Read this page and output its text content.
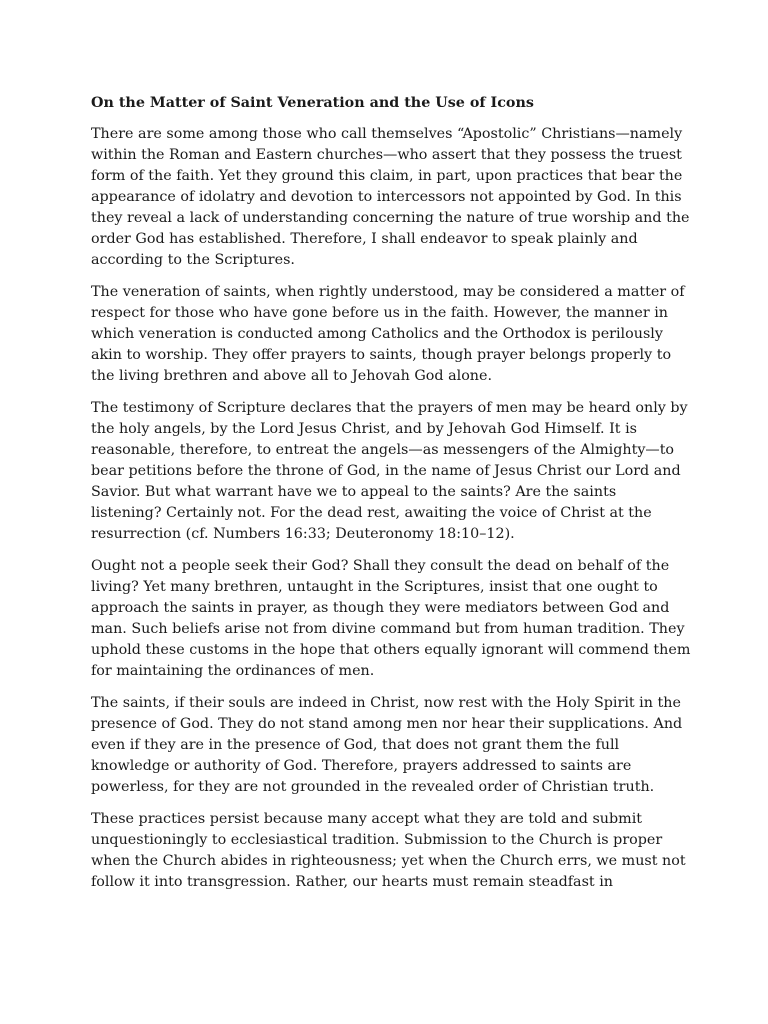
On the Matter of Saint Veneration and the Use of Icons

There are some among those who call themselves “Apostolic” Christians—namely within the Roman and Eastern churches—who assert that they possess the truest form of the faith. Yet they ground this claim, in part, upon practices that bear the appearance of idolatry and devotion to intercessors not appointed by God. In this they reveal a lack of understanding concerning the nature of true worship and the order God has established. Therefore, I shall endeavor to speak plainly and according to the Scriptures.

The veneration of saints, when rightly understood, may be considered a matter of respect for those who have gone before us in the faith. However, the manner in which veneration is conducted among Catholics and the Orthodox is perilously akin to worship. They offer prayers to saints, though prayer belongs properly to the living brethren and above all to Jehovah God alone.

The testimony of Scripture declares that the prayers of men may be heard only by the holy angels, by the Lord Jesus Christ, and by Jehovah God Himself. It is reasonable, therefore, to entreat the angels—as messengers of the Almighty—to bear petitions before the throne of God, in the name of Jesus Christ our Lord and Savior. But what warrant have we to appeal to the saints? Are the saints listening? Certainly not. For the dead rest, awaiting the voice of Christ at the resurrection (cf. Numbers 16:33; Deuteronomy 18:10–12).

Ought not a people seek their God? Shall they consult the dead on behalf of the living? Yet many brethren, untaught in the Scriptures, insist that one ought to approach the saints in prayer, as though they were mediators between God and man. Such beliefs arise not from divine command but from human tradition. They uphold these customs in the hope that others equally ignorant will commend them for maintaining the ordinances of men.

The saints, if their souls are indeed in Christ, now rest with the Holy Spirit in the presence of God. They do not stand among men nor hear their supplications. And even if they are in the presence of God, that does not grant them the full knowledge or authority of God. Therefore, prayers addressed to saints are powerless, for they are not grounded in the revealed order of Christian truth.

These practices persist because many accept what they are told and submit unquestioningly to ecclesiastical tradition. Submission to the Church is proper when the Church abides in righteousness; yet when the Church errs, we must not follow it into transgression. Rather, our hearts must remain steadfast in
